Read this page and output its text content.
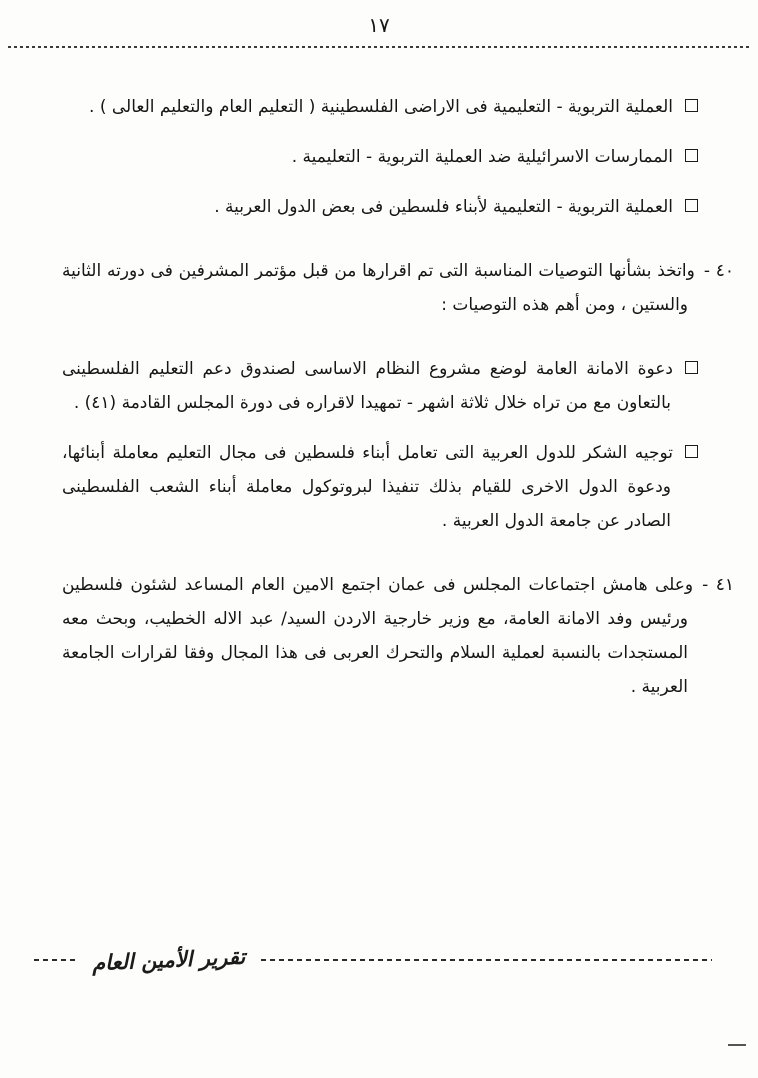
١٧

العملية التربوية - التعليمية فى الاراضى الفلسطينية ( التعليم العام والتعليم العالى ) .

الممارسات الاسرائيلية ضد العملية التربوية - التعليمية .

العملية التربوية - التعليمية لأبناء فلسطين فى بعض الدول العربية .

٤٠ -واتخذ بشأنها التوصيات المناسبة التى تم اقرارها من قبل مؤتمر المشرفين فى دورته الثانية والستين ، ومن أهم هذه التوصيات :

دعوة الامانة العامة لوضع مشروع النظام الاساسى لصندوق دعم التعليم الفلسطينى بالتعاون مع من تراه خلال ثلاثة اشهر - تمهيدا لاقراره فى دورة المجلس القادمة (٤١) .

توجيه الشكر للدول العربية التى تعامل أبناء فلسطين فى مجال التعليم معاملة أبنائها، ودعوة الدول الاخرى للقيام بذلك تنفيذا لبروتوكول معاملة أبناء الشعب الفلسطينى الصادر عن جامعة الدول العربية .

٤١ -وعلى هامش اجتماعات المجلس فى عمان اجتمع الامين العام المساعد لشئون فلسطين ورئيس وفد الامانة العامة، مع وزير خارجية الاردن السيد/ عبد الاله الخطيب، وبحث معه المستجدات بالنسبة لعملية السلام والتحرك العربى فى هذا المجال وفقا لقرارات الجامعة العربية .

تقرير الأمين العام
